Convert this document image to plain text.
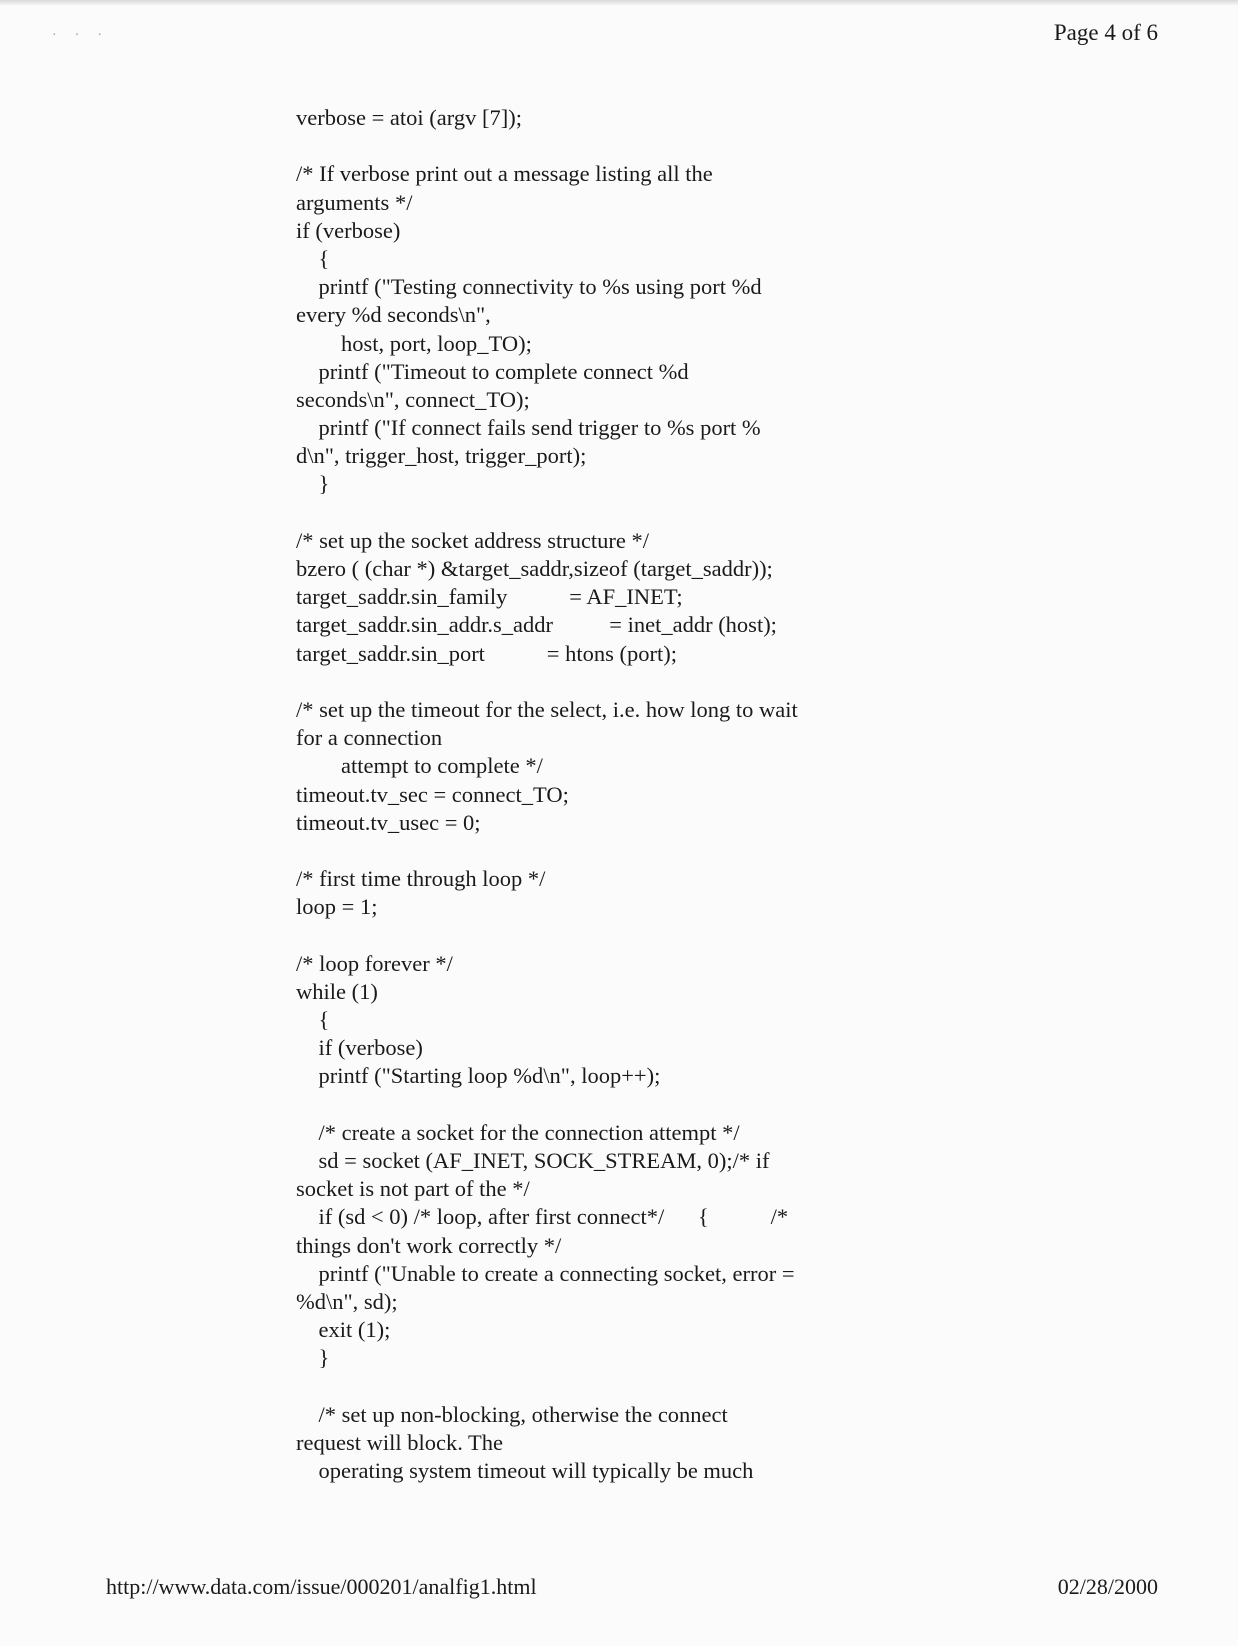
···	Page 4 of 6
verbose = atoi (argv [7]);
/* If verbose print out a message listing all the
arguments */
if (verbose)
{
printf ("Testing connectivity to %s using port %d
every %d seconds\n",
host, port, loop_TO);
printf ("Timeout to complete connect %d
seconds\n", connect_TO);
printf ("If connect fails send trigger to %s port %
d\n", trigger_host, trigger_port);
}
/* set up the socket address structure */
bzero ( (char *) &target_saddr,sizeof (target_saddr));
target_saddr.sin_family           = AF_INET;
target_saddr.sin_addr.s_addr          = inet_addr (host);
target_saddr.sin_port           = htons (port);
/* set up the timeout for the select, i.e. how long to wait
for a connection
attempt to complete */
timeout.tv_sec = connect_TO;
timeout.tv_usec = 0;
/* first time through loop */
loop = 1;
/* loop forever */
while (1)
{
if (verbose)
printf ("Starting loop %d\n", loop++);
/* create a socket for the connection attempt */
sd = socket (AF_INET, SOCK_STREAM, 0);/* if
socket is not part of the */
if (sd < 0) /* loop, after first connect*/      {           /*
things don't work correctly */
printf ("Unable to create a connecting socket, error =
%d\n", sd);
exit (1);
}
/* set up non-blocking, otherwise the connect
request will block. The
operating system timeout will typically be much
http://www.data.com/issue/000201/analfig1.html	02/28/2000
